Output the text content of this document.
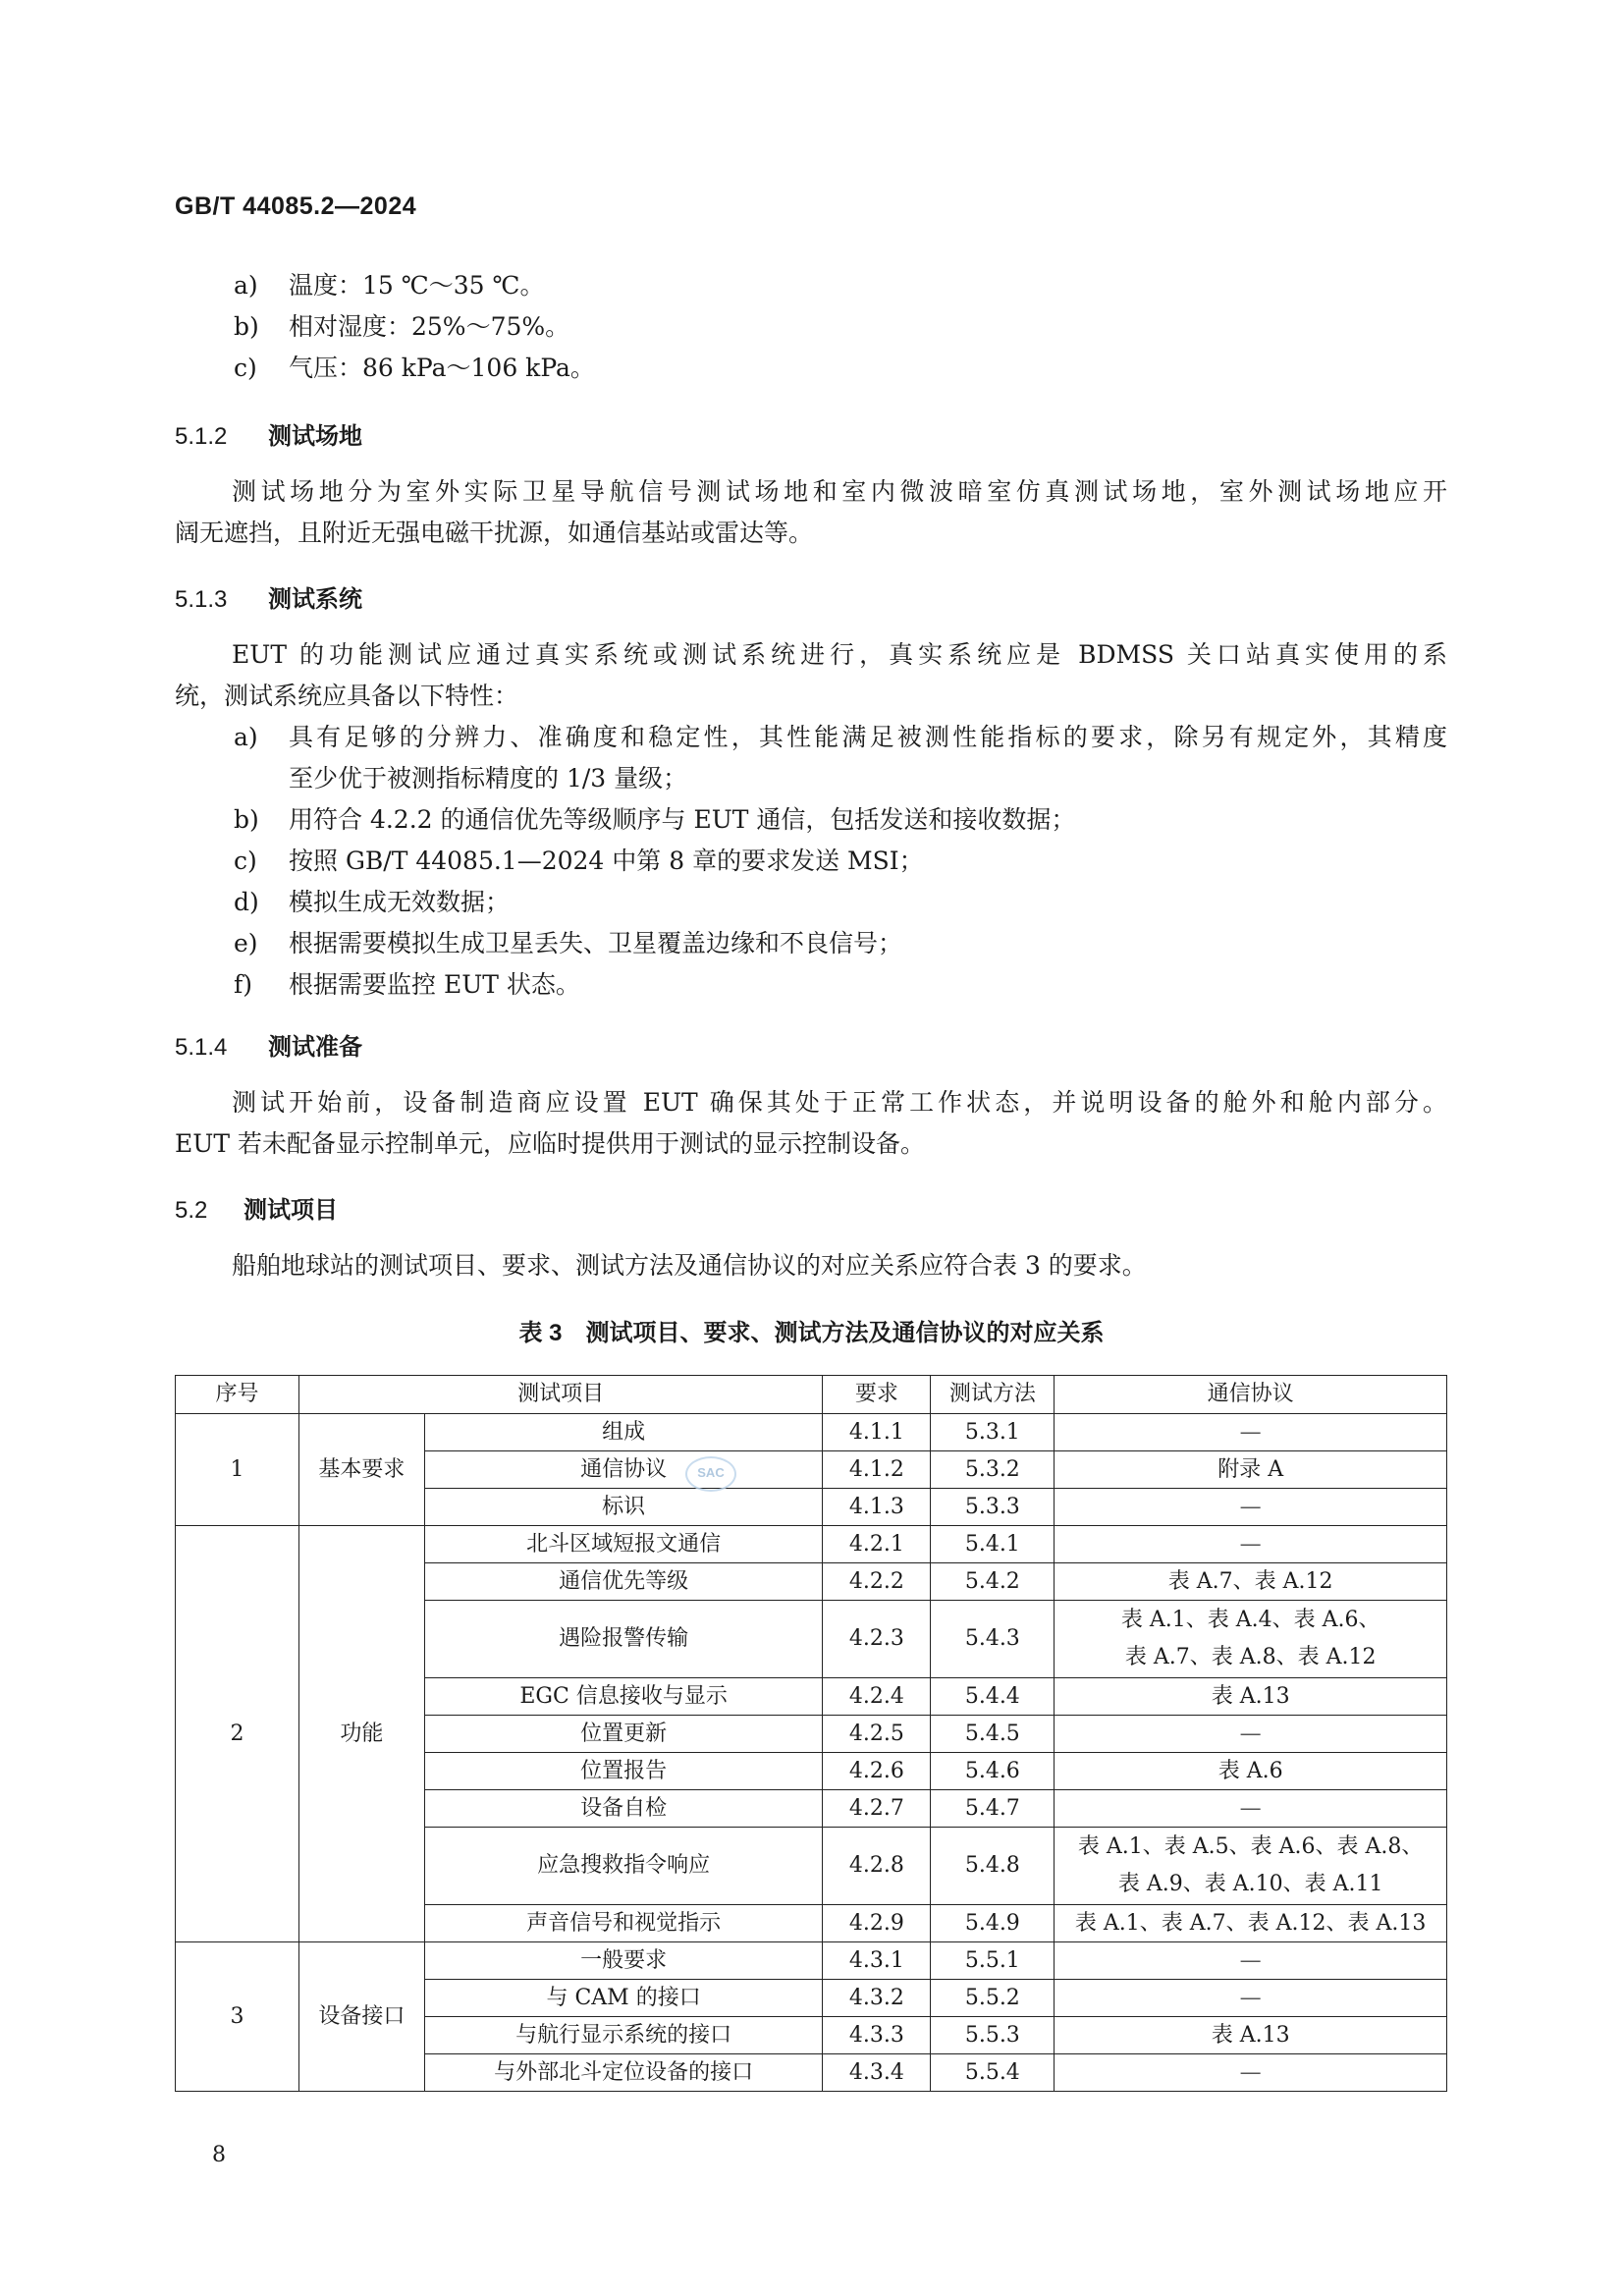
GB/T 44085.2—2024
a) 温度：15 ℃～35 ℃。
b) 相对湿度：25%～75%。
c) 气压：86 kPa～106 kPa。
5.1.2 测试场地
测试场地分为室外实际卫星导航信号测试场地和室内微波暗室仿真测试场地，室外测试场地应开
阔无遮挡，且附近无强电磁干扰源，如通信基站或雷达等。
5.1.3 测试系统
EUT 的功能测试应通过真实系统或测试系统进行，真实系统应是 BDMSS 关口站真实使用的系
统，测试系统应具备以下特性：
a) 具有足够的分辨力、准确度和稳定性，其性能满足被测性能指标的要求，除另有规定外，其精度
至少优于被测指标精度的 1/3 量级；
b) 用符合 4.2.2 的通信优先等级顺序与 EUT 通信，包括发送和接收数据；
c) 按照 GB/T 44085.1—2024 中第 8 章的要求发送 MSI；
d) 模拟生成无效数据；
e) 根据需要模拟生成卫星丢失、卫星覆盖边缘和不良信号；
f) 根据需要监控 EUT 状态。
5.1.4 测试准备
测试开始前，设备制造商应设置 EUT 确保其处于正常工作状态，并说明设备的舱外和舱内部分。
EUT 若未配备显示控制单元，应临时提供用于测试的显示控制设备。
5.2 测试项目
船舶地球站的测试项目、要求、测试方法及通信协议的对应关系应符合表 3 的要求。
表 3　测试项目、要求、测试方法及通信协议的对应关系
序号	测试项目		要求	测试方法	通信协议
1	基本要求	组成	4.1.1	5.3.1	—
		通信协议	4.1.2	5.3.2	附录 A
		标识	4.1.3	5.3.3	—
2	功能	北斗区域短报文通信	4.2.1	5.4.1	—
		通信优先等级	4.2.2	5.4.2	表 A.7、表 A.12
		遇险报警传输	4.2.3	5.4.3	表 A.1、表 A.4、表 A.6、
表 A.7、表 A.8、表 A.12

		EGC 信息接收与显示	4.2.4	5.4.4	表 A.13
		位置更新	4.2.5	5.4.5	—
		位置报告	4.2.6	5.4.6	表 A.6
		设备自检	4.2.7	5.4.7	—
		应急搜救指令响应	4.2.8	5.4.8	表 A.1、表 A.5、表 A.6、表 A.8、
表 A.9、表 A.10、表 A.11

		声音信号和视觉指示	4.2.9	5.4.9	表 A.1、表 A.7、表 A.12、表 A.13
3	设备接口	一般要求	4.3.1	5.5.1	—
		与 CAM 的接口	4.3.2	5.5.2	—
		与航行显示系统的接口	4.3.3	5.5.3	表 A.13
		与外部北斗定位设备的接口	4.3.4	5.5.4	—
SAC
8
